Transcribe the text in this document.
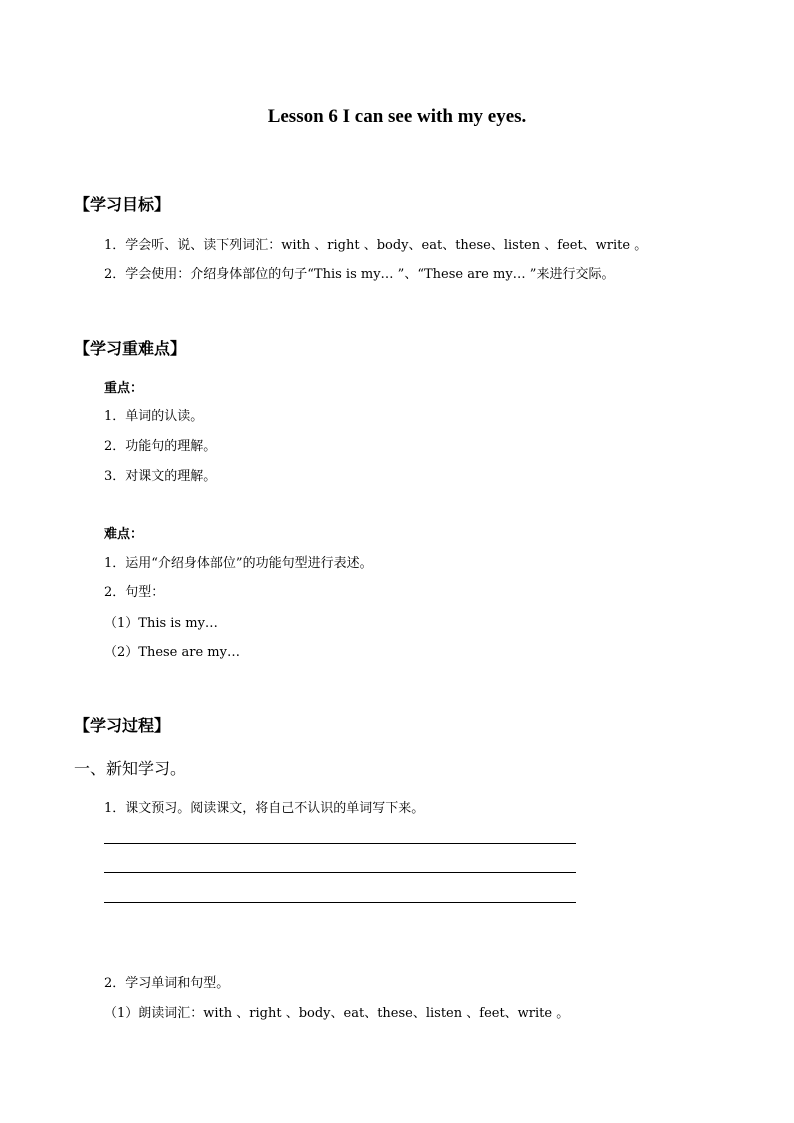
Lesson 6 I can see with my eyes.
【学习目标】
1．学会听、说、读下列词汇：with 、right 、body、eat、these、listen 、feet、write 。
2．学会使用：介绍身体部位的句子“This is my… ”、“These are my… ”来进行交际。
【学习重难点】
重点：
1．单词的认读。
2．功能句的理解。
3．对课文的理解。
难点：
1．运用“介绍身体部位”的功能句型进行表述。
2．句型：
（1）This is my…
（2）These are my…
【学习过程】
一、新知学习。
1．课文预习。阅读课文，将自己不认识的单词写下来。
2．学习单词和句型。
（1）朗读词汇：with 、right 、body、eat、these、listen 、feet、write 。
